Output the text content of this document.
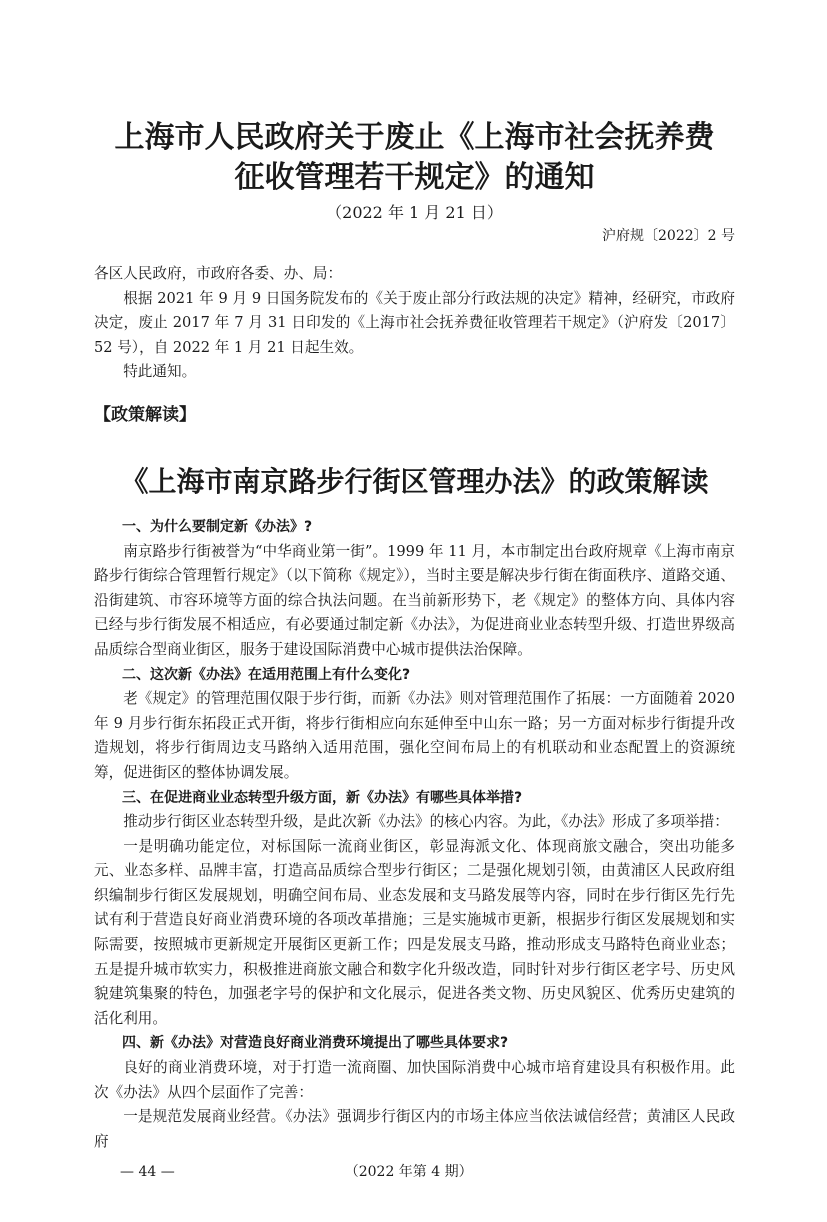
上海市人民政府关于废止《上海市社会抚养费
征收管理若干规定》的通知
（2022 年 1 月 21 日）
沪府规〔2022〕2 号

各区人民政府，市政府各委、办、局：

根据 2021 年 9 月 9 日国务院发布的《关于废止部分行政法规的决定》精神，经研究，市政府决定，废止 2017 年 7 月 31 日印发的《上海市社会抚养费征收管理若干规定》（沪府发〔2017〕52 号），自 2022 年 1 月 21 日起生效。

特此通知。

【政策解读】
《上海市南京路步行街区管理办法》的政策解读

一、为什么要制定新《办法》?

南京路步行街被誉为“中华商业第一街”。1999 年 11 月，本市制定出台政府规章《上海市南京路步行街综合管理暂行规定》（以下简称《规定》），当时主要是解决步行街在街面秩序、道路交通、沿街建筑、市容环境等方面的综合执法问题。在当前新形势下，老《规定》的整体方向、具体内容已经与步行街发展不相适应，有必要通过制定新《办法》，为促进商业业态转型升级、打造世界级高品质综合型商业街区，服务于建设国际消费中心城市提供法治保障。

二、这次新《办法》在适用范围上有什么变化?

老《规定》的管理范围仅限于步行街，而新《办法》则对管理范围作了拓展：一方面随着 2020 年 9 月步行街东拓段正式开街，将步行街相应向东延伸至中山东一路；另一方面对标步行街提升改造规划，将步行街周边支马路纳入适用范围，强化空间布局上的有机联动和业态配置上的资源统筹，促进街区的整体协调发展。

三、在促进商业业态转型升级方面，新《办法》有哪些具体举措?

推动步行街区业态转型升级，是此次新《办法》的核心内容。为此，《办法》形成了多项举措：

一是明确功能定位，对标国际一流商业街区，彰显海派文化、体现商旅文融合，突出功能多元、业态多样、品牌丰富，打造高品质综合型步行街区；二是强化规划引领，由黄浦区人民政府组织编制步行街区发展规划，明确空间布局、业态发展和支马路发展等内容，同时在步行街区先行先试有利于营造良好商业消费环境的各项改革措施；三是实施城市更新，根据步行街区发展规划和实际需要，按照城市更新规定开展街区更新工作；四是发展支马路，推动形成支马路特色商业业态；五是提升城市软实力，积极推进商旅文融合和数字化升级改造，同时针对步行街区老字号、历史风貌建筑集聚的特色，加强老字号的保护和文化展示，促进各类文物、历史风貌区、优秀历史建筑的活化利用。

四、新《办法》对营造良好商业消费环境提出了哪些具体要求?

良好的商业消费环境，对于打造一流商圈、加快国际消费中心城市培育建设具有积极作用。此次《办法》从四个层面作了完善：

一是规范发展商业经营。《办法》强调步行街区内的市场主体应当依法诚信经营；黄浦区人民政府

— 44 —	（2022 年第 4 期）
